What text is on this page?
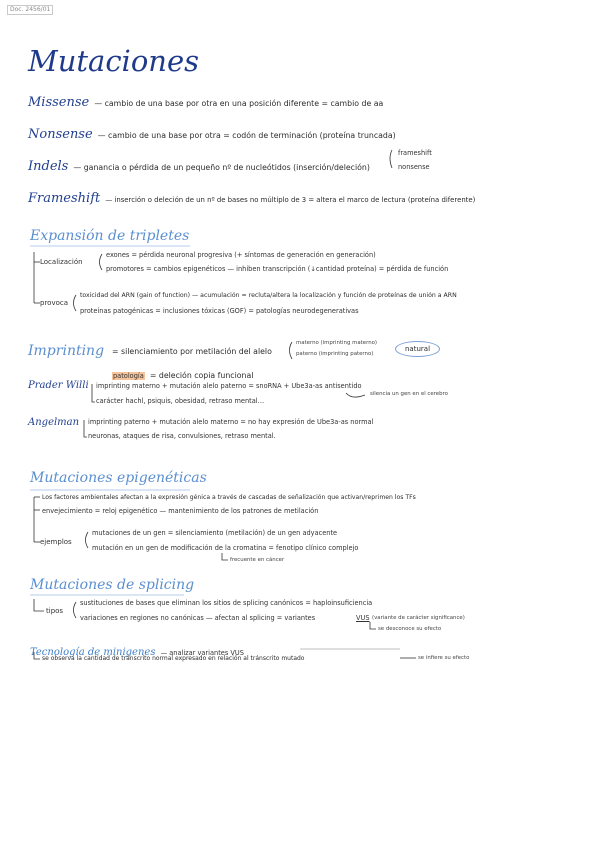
Doc. 2456/01
Mutaciones
Missense — cambio de una base por otra en una posición diferente = cambio de aa
Nonsense — cambio de una base por otra = codón de terminación (proteína truncada)
Indels — ganancia o pérdida de un pequeño nº de nucleótidos (inserción/deleción)
frameshift
nonsense
Frameshift — inserción o deleción de un nº de bases no múltiplo de 3 = altera el marco de lectura (proteína diferente)
Expansión de tripletes
Localización
exones = pérdida neuronal progresiva (+ síntomas de generación en generación)
promotores = cambios epigenéticos — inhiben transcripción (↓cantidad proteína) = pérdida de función
provoca
toxicidad del ARN (gain of function) — acumulación = recluta/altera la localización y función de proteínas de unión a ARN
proteínas patogénicas = inclusiones tóxicas (GOF) = patologías neurodegenerativas
Imprinting = silenciamiento por metilación del alelo
materno (imprinting materno)
paterno (imprinting paterno)
natural
patología = deleción copia funcional
Prader Willi imprinting materno + mutación alelo paterno = snoRNA + Ube3a-as antisentido
silencia un gen en el cerebro
carácter hachl, psiquis, obesidad, retraso mental…
Angelman imprinting paterno + mutación alelo materno = no hay expresión de Ube3a-as normal
neuronas, ataques de risa, convulsiones, retraso mental.
Mutaciones epigenéticas
Los factores ambientales afectan a la expresión génica a través de cascadas de señalización que activan/reprimen los TFs
envejecimiento = reloj epigenético — mantenimiento de los patrones de metilación
ejemplos
mutaciones de un gen = silenciamiento (metilación) de un gen adyacente
mutación en un gen de modificación de la cromatina = fenotipo clínico complejo
frecuente en cáncer
Mutaciones de splicing
tipos
sustituciones de bases que eliminan los sitios de splicing canónicos = haploinsuficiencia
variaciones en regiones no canónicas — afectan al splicing = variantes	VUS (variante de carácter significance)
se desconoce su efecto
Tecnología de minigenes — analizar variantes VUS
se observa la cantidad de tránscrito normal expresado en relación al tránscrito mutado	se infiere su efecto
